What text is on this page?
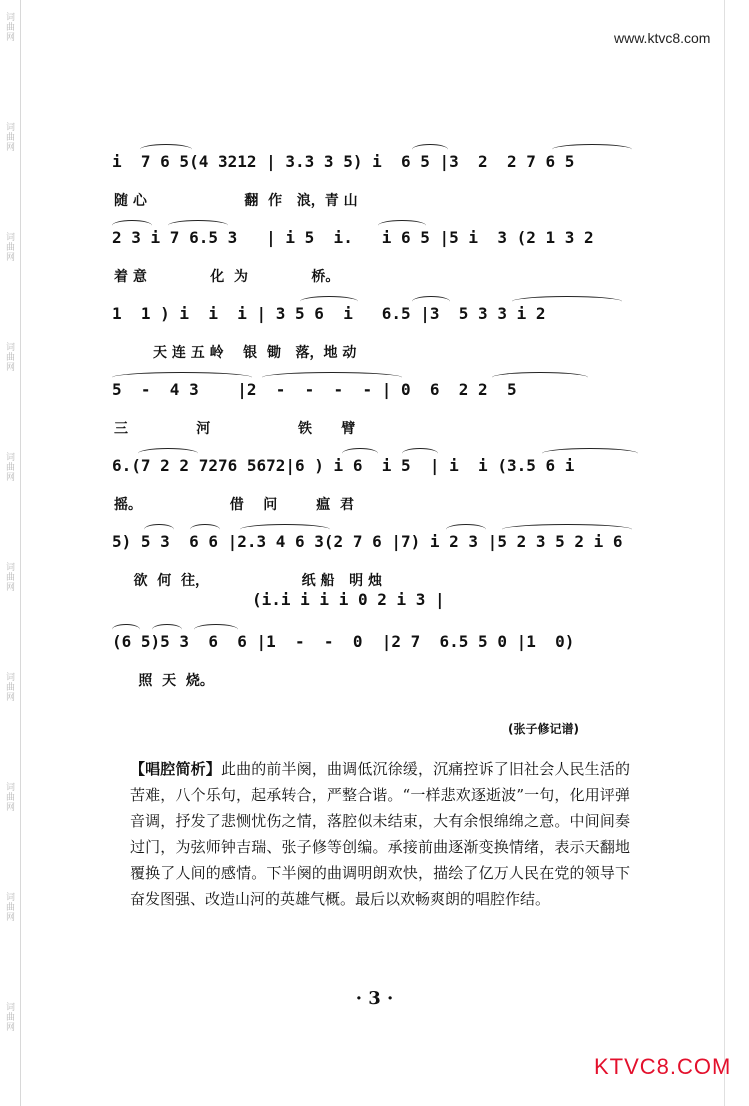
词曲网
词曲网
词曲网
词曲网
词曲网
词曲网
词曲网
词曲网
词曲网
词曲网
www.ktvc8.com
i  7 6 5(4 3212 | 3.3 3 5) i  6 5 |3  2  2 7 6 5
随 心                    翻  作   浪，青 山
2 3 i 7 6.5 3   | i 5  i.   i 6 5 |5 i  3 (2 1 3 2
着 意             化  为             桥。
1  1 ) i  i  i | 3 5 6  i   6.5 |3  5 3 3 i 2
天 连 五 岭    银  锄   落，地 动
5  -  4 3    |2  -  -  -  - | 0  6  2 2  5
三              河                  铁      臂
6.(7 2 2 7276 5672|6 ) i 6  i 5  | i  i (3.5 6 i
摇。                  借    问        瘟  君
5) 5 3  6 6 |2.3 4 6 3(2 7 6 |7) i 2 3 |5 2 3 5 2 i 6
欲  何  往，                   纸 船   明 烛
(i.i i i i 0 2 i 3 |
(6 5)5 3  6  6 |1  -  -  0  |2 7  6.5 5 0 |1  0)
照  天  烧。
(张子修记谱)
【唱腔简析】此曲的前半阕，曲调低沉徐缓，沉痛控诉了旧社会人民生活的苦难，八个乐句，起承转合，严整合谐。“一样悲欢逐逝波”一句，化用评弹音调，抒发了悲恻忧伤之情，落腔似未结束，大有余恨绵绵之意。中间间奏过门，为弦师钟吉瑞、张子修等创编。承接前曲逐渐变换情绪，表示天翻地覆换了人间的感情。下半阕的曲调明朗欢快，描绘了亿万人民在党的领导下奋发图强、改造山河的英雄气概。最后以欢畅爽朗的唱腔作结。
· 3 ·
KTVC8.COM
